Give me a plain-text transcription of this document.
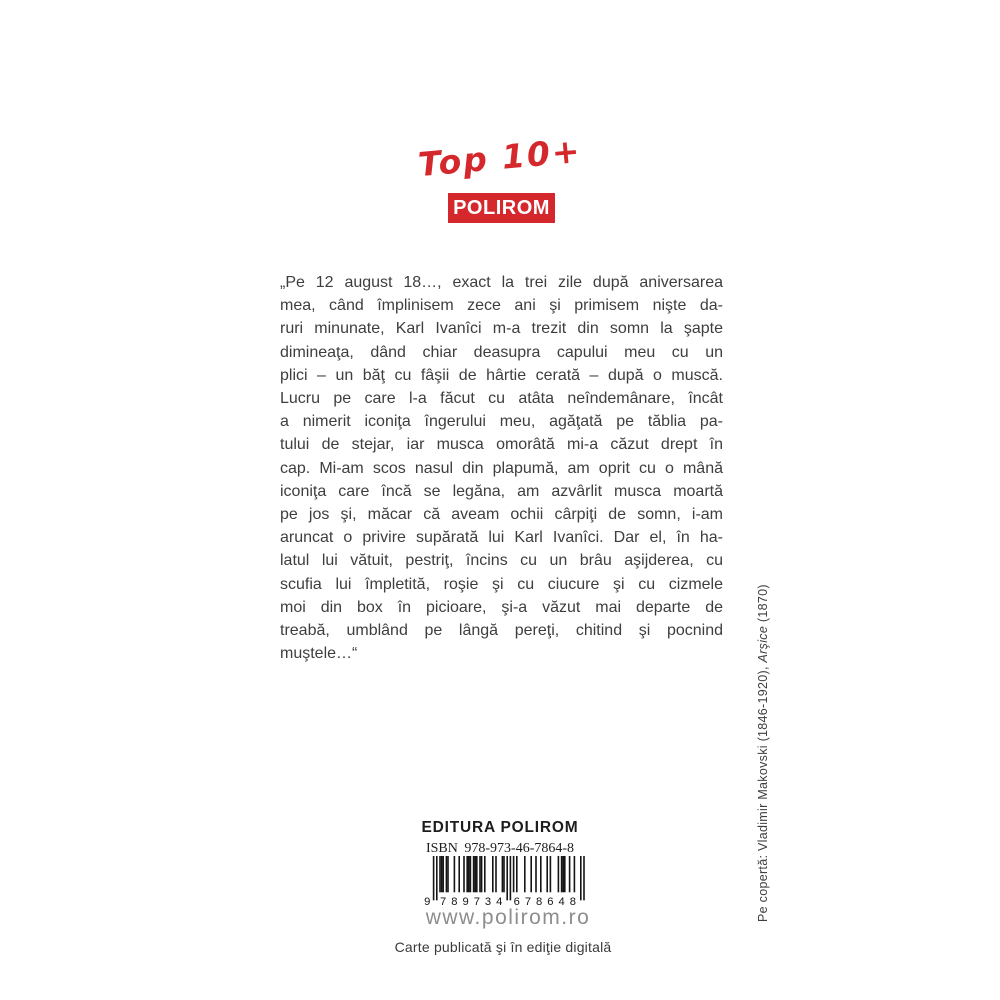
Top 10+
POLIROM
„Pe 12 august 18…, exact la trei zile după aniversarea
mea, când împlinisem zece ani şi primisem nişte da-
ruri minunate, Karl Ivanîci m-a trezit din somn la şapte
dimineaţa, dând chiar deasupra capului meu cu un
plici – un băţ cu fâşii de hârtie cerată – după o muscă.
Lucru pe care l-a făcut cu atâta neîndemânare, încât
a nimerit iconiţa îngerului meu, agăţată pe tăblia pa-
tului de stejar, iar musca omorâtă mi-a căzut drept în
cap. Mi-am scos nasul din plapumă, am oprit cu o mână
iconiţa care încă se legăna, am azvârlit musca moartă
pe jos şi, măcar că aveam ochii cârpiţi de somn, i-am
aruncat o privire supărată lui Karl Ivanîci. Dar el, în ha-
latul lui vătuit, pestriţ, încins cu un brâu aşijderea, cu
scufia lui împletită, roşie şi cu ciucure şi cu cizmele
moi din box în picioare, şi-a văzut mai departe de
treabă, umblând pe lângă pereţi, chitind şi pocnind
muştele…“
Pe copertă: Vladimir Makovski (1846-1920), Arşice (1870)
EDITURA POLIROM
ISBN 978-973-46-7864-8
9 789734 678648
www.polirom.ro
Carte publicată şi în ediţie digitală
